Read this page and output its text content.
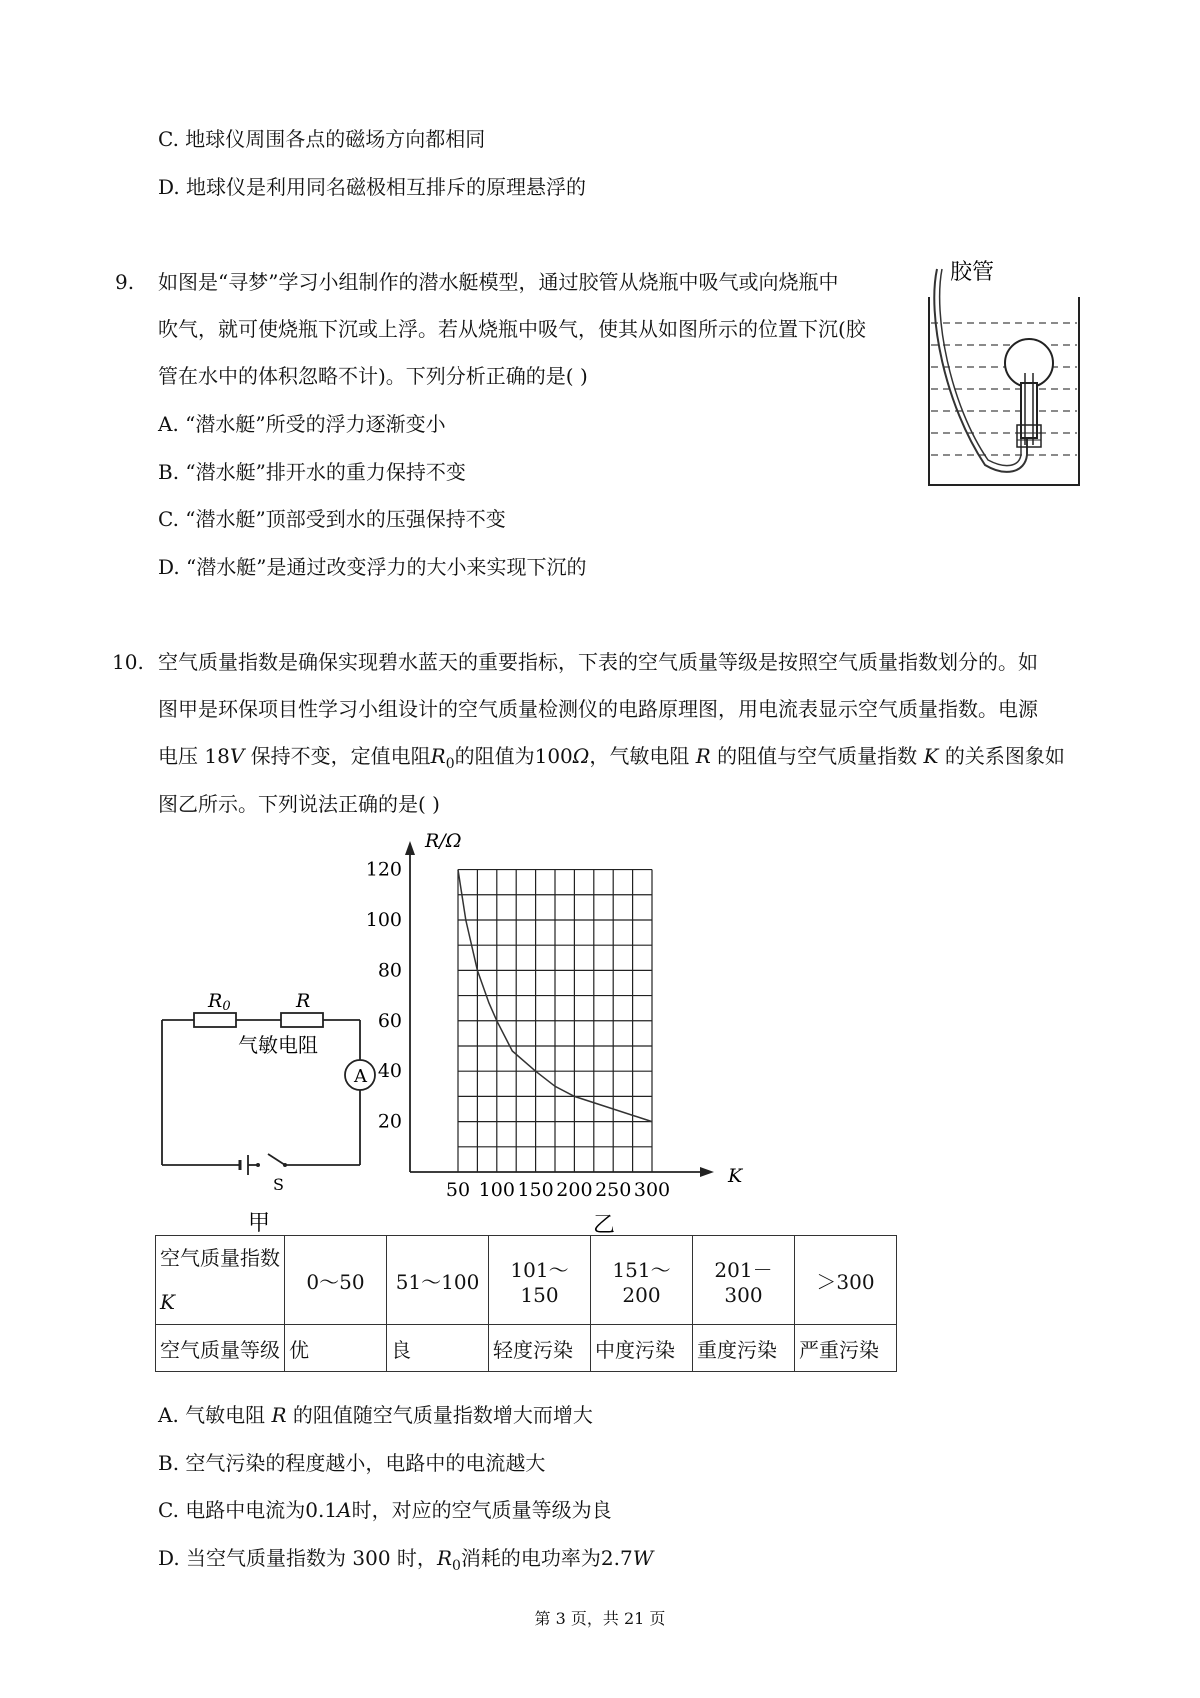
C. 地球仪周围各点的磁场方向都相同
D. 地球仪是利用同名磁极相互排斥的原理悬浮的
9. 如图是“寻梦”学习小组制作的潜水艇模型，通过胶管从烧瓶中吸气或向烧瓶中
吹气，就可使烧瓶下沉或上浮。若从烧瓶中吸气，使其从如图所示的位置下沉(胶
管在水中的体积忽略不计)。下列分析正确的是( )
A. “潜水艇”所受的浮力逐渐变小
B. “潜水艇”排开水的重力保持不变
C. “潜水艇”顶部受到水的压强保持不变
D. “潜水艇”是通过改变浮力的大小来实现下沉的
胶管
10. 空气质量指数是确保实现碧水蓝天的重要指标，下表的空气质量等级是按照空气质量指数划分的。如
图甲是环保项目性学习小组设计的空气质量检测仪的电路原理图，用电流表显示空气质量指数。电源
电压 18V 保持不变，定值电阻$R_0$的阻值为100Ω，气敏电阻 R 的阻值与空气质量指数 K 的关系图象如
图乙所示。下列说法正确的是( )
R0	R
气敏电阻
A
S
甲
50 100 150 200 250 300
20
40
60
80
100
120
R/Ω
K
乙
空气质量指数
K	0～50	51～100	101～150	151～200	201－300	＞300
空气质量等级	优	良	轻度污染	中度污染	重度污染	严重污染
A. 气敏电阻 R 的阻值随空气质量指数增大而增大
B. 空气污染的程度越小，电路中的电流越大
C. 电路中电流为0.1A时，对应的空气质量等级为良
D. 当空气质量指数为 300 时，$R_0$消耗的电功率为2.7W
第 3 页，共 21 页
